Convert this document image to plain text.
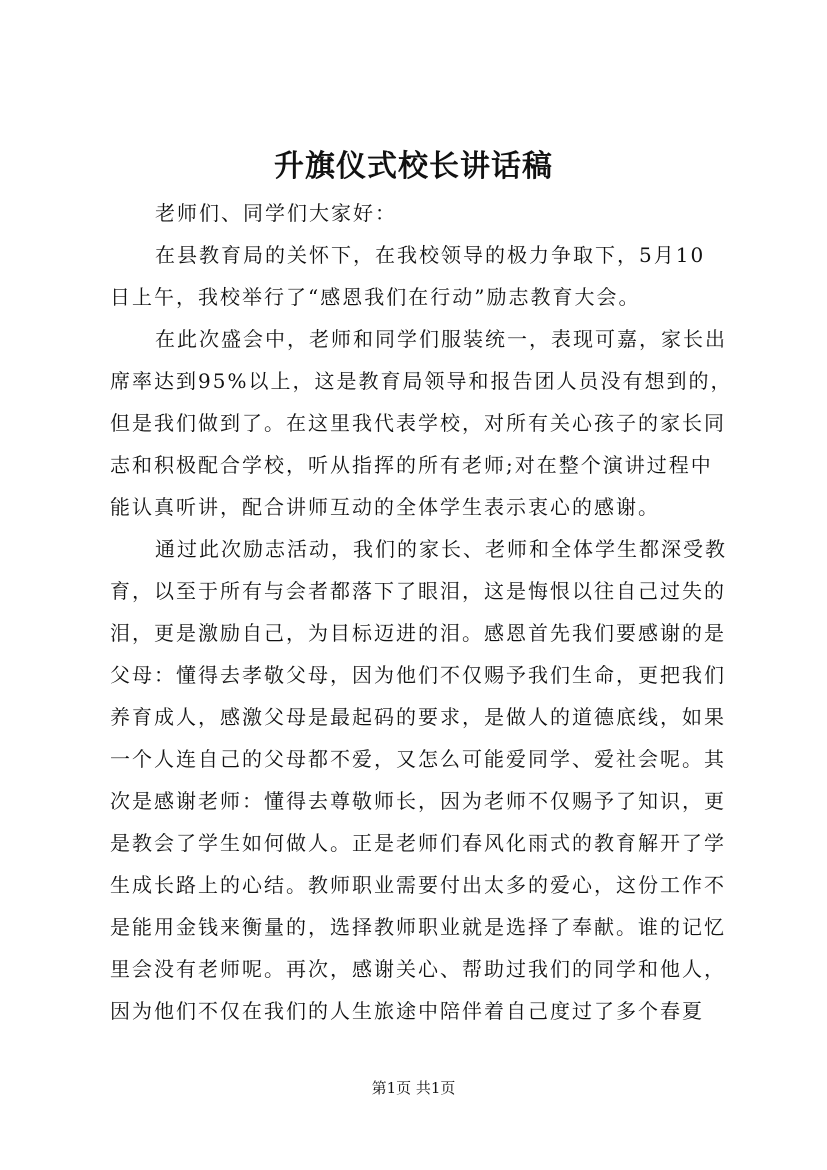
升旗仪式校长讲话稿
老师们、同学们大家好：
在县教育局的关怀下，在我校领导的极力争取下，5月10
日上午，我校举行了“感恩我们在行动”励志教育大会。
在此次盛会中，老师和同学们服装统一，表现可嘉，家长出
席率达到95%以上，这是教育局领导和报告团人员没有想到的，
但是我们做到了。在这里我代表学校，对所有关心孩子的家长同
志和积极配合学校，听从指挥的所有老师;对在整个演讲过程中
能认真听讲，配合讲师互动的全体学生表示衷心的感谢。
通过此次励志活动，我们的家长、老师和全体学生都深受教
育，以至于所有与会者都落下了眼泪，这是悔恨以往自己过失的
泪，更是激励自己，为目标迈进的泪。感恩首先我们要感谢的是
父母：懂得去孝敬父母，因为他们不仅赐予我们生命，更把我们
养育成人，感激父母是最起码的要求，是做人的道德底线，如果
一个人连自己的父母都不爱，又怎么可能爱同学、爱社会呢。其
次是感谢老师：懂得去尊敬师长，因为老师不仅赐予了知识，更
是教会了学生如何做人。正是老师们春风化雨式的教育解开了学
生成长路上的心结。教师职业需要付出太多的爱心，这份工作不
是能用金钱来衡量的，选择教师职业就是选择了奉献。谁的记忆
里会没有老师呢。再次，感谢关心、帮助过我们的同学和他人，
因为他们不仅在我们的人生旅途中陪伴着自己度过了多个春夏
第1页 共1页
